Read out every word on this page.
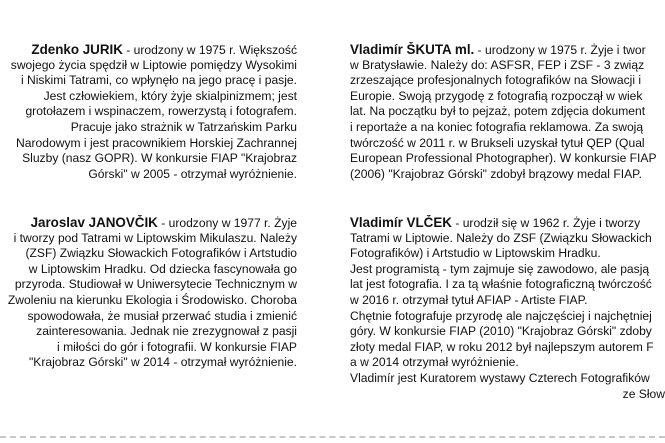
Zdenko JURIK - urodzony w 1975 r. Większość
swojego życia spędził w Liptowie pomiędzy Wysokimi
i Niskimi Tatrami, co wpłynęło na jego pracę i pasje.
Jest człowiekiem, który żyje skialpinizmem; jest
grotołazem i wspinaczem, rowerzystą i fotografem.
Pracuje jako strażnik w Tatrzańskim Parku
Narodowym i jest pracownikiem Horskiej Zachrannej
Sluzby (nasz GOPR). W konkursie FIAP "Krajobraz
Górski" w 2005 - otrzymał wyróżnienie.
Vladimír ŠKUTA ml. - urodzony w 1975 r. Żyje i twor
w Bratysławie. Należy do: ASFSR, FEP i ZSF - 3 związ
zrzeszające profesjonalnych fotografików na Słowacji i
Europie. Swoją przygodę z fotografią rozpoczął w wiek
lat. Na początku był to pejzaż, potem zdjęcia dokument
i reportaże a na koniec fotografia reklamowa. Za swoją
twórczość w 2011 r. w Brukseli uzyskał tytuł QEP (Qual
European Professional Photographer). W konkursie FIAP
(2006) "Krajobraz Górski" zdobył brązowy medal FIAP.
Jaroslav JANOVČIK - urodzony w 1977 r. Żyje
i tworzy pod Tatrami w Liptowskim Mikulaszu. Należy
(ZSF) Związku Słowackich Fotografików i Artstudio
w Liptowskim Hradku. Od dziecka fascynowała go
przyroda. Studiował w Uniwersytecie Technicznym w
Zwoleniu na kierunku Ekologia i Środowisko. Choroba
spowodowała, że musiał przerwać studia i zmienić
zainteresowania. Jednak nie zrezygnował z pasji
i miłości do gór i fotografii. W konkursie FIAP
"Krajobraz Górski" w 2014 - otrzymał wyróżnienie.
Vladimír VLČEK - urodził się w 1962 r. Żyje i tworzy
Tatrami w Liptowie. Należy do ZSF (Związku Słowackich
Fotografików) i Artstudio w Liptowskim Hradku.
Jest programistą - tym zajmuje się zawodowo, ale pasją
lat jest fotografia. I za tą właśnie fotograficzną twórczość
w 2016 r. otrzymał tytuł AFIAP - Artiste FIAP.
Chętnie fotografuje przyrodę ale najczęściej i najchętniej
góry. W konkursie FIAP (2010) "Krajobraz Górski" zdoby
złoty medal FIAP, w roku 2012 był najlepszym autorem F
a w 2014 otrzymał wyróżnienie.
Vladimír jest Kuratorem wystawy Czterech Fotografików
ze Słow
